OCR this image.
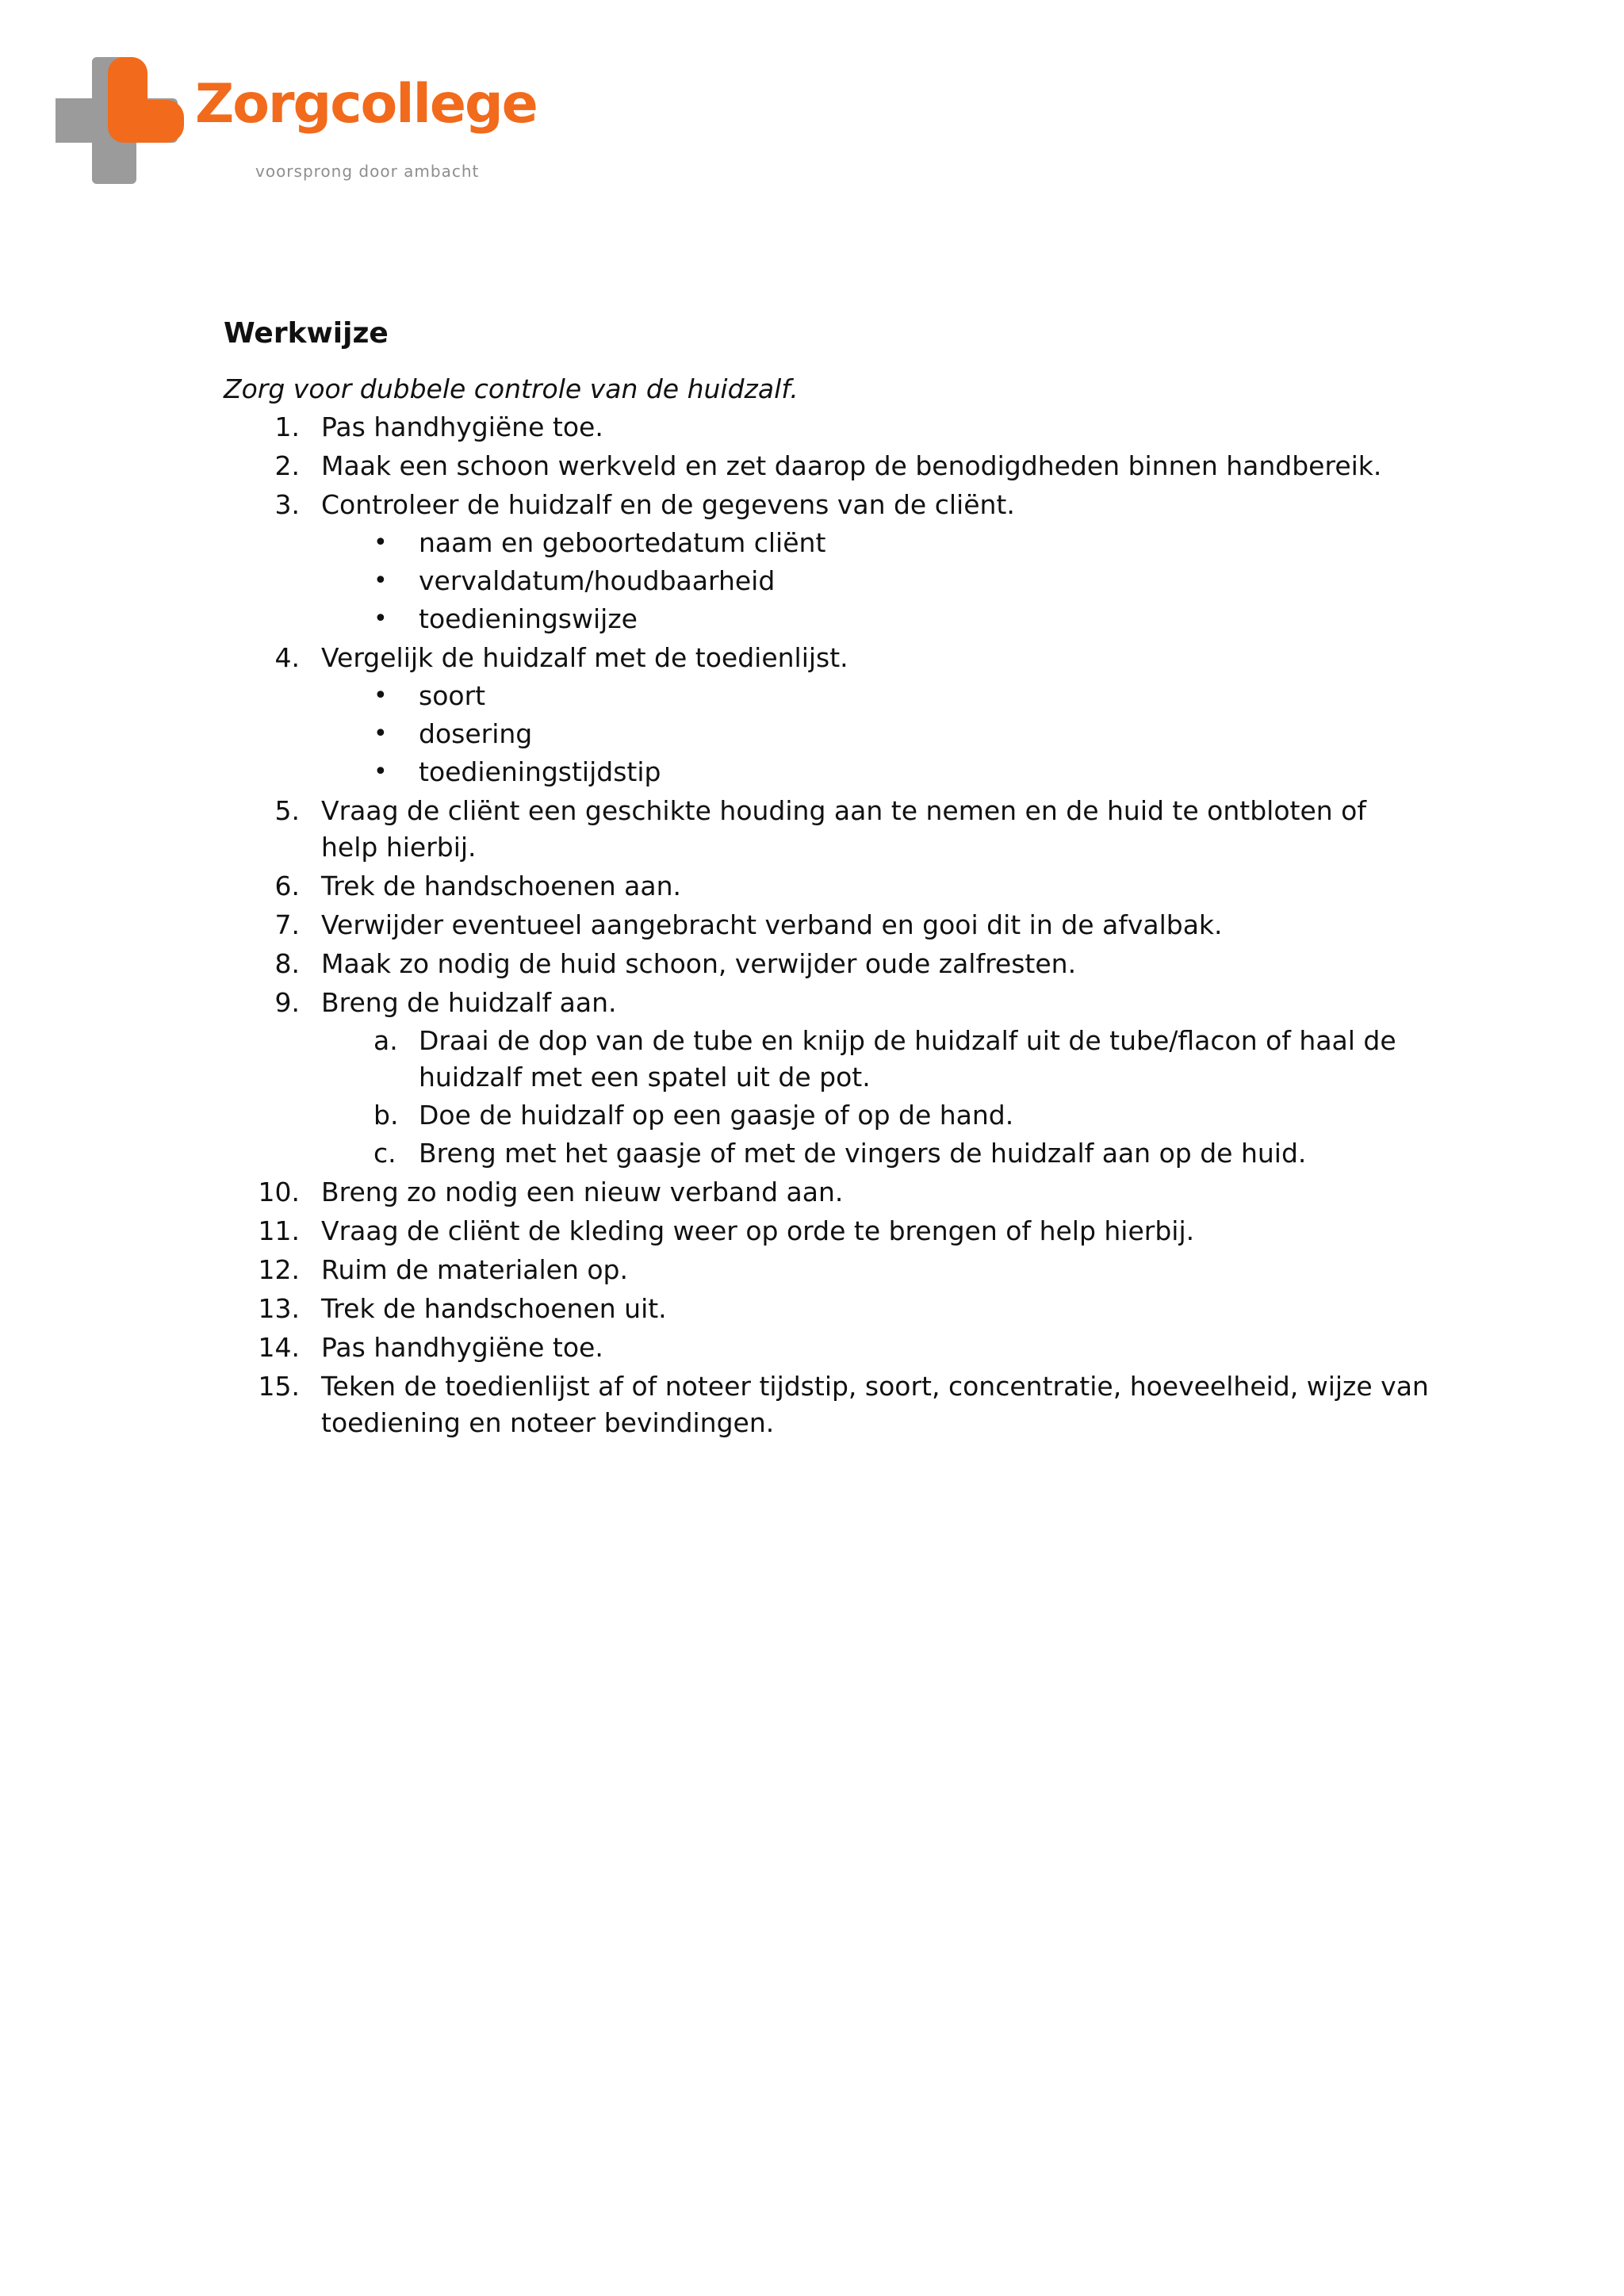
Zorgcollege
voorsprong door ambacht
Werkwijze

Zorg voor dubbele controle van de huidzalf.

1. Pas handhygiëne toe.
2. Maak een schoon werkveld en zet daarop de benodigdheden binnen handbereik.
3. Controleer de huidzalf en de gegevens van de cliënt.
•	naam en geboortedatum cliënt
•	vervaldatum/houdbaarheid
•	toedieningswijze
4. Vergelijk de huidzalf met de toedienlijst.
•	soort
•	dosering
•	toedieningstijdstip
5. Vraag de cliënt een geschikte houding aan te nemen en de huid te ontbloten of help hierbij.
6. Trek de handschoenen aan.
7. Verwijder eventueel aangebracht verband en gooi dit in de afvalbak.
8. Maak zo nodig de huid schoon, verwijder oude zalfresten.
9. Breng de huidzalf aan.
a. Draai de dop van de tube en knijp de huidzalf uit de tube/flacon of haal de huidzalf met een spatel uit de pot.
b. Doe de huidzalf op een gaasje of op de hand.
c. Breng met het gaasje of met de vingers de huidzalf aan op de huid.
10. Breng zo nodig een nieuw verband aan.
11. Vraag de cliënt de kleding weer op orde te brengen of help hierbij.
12. Ruim de materialen op.
13. Trek de handschoenen uit.
14. Pas handhygiëne toe.
15. Teken de toedienlijst af of noteer tijdstip, soort, concentratie, hoeveelheid, wijze van toediening en noteer bevindingen.
